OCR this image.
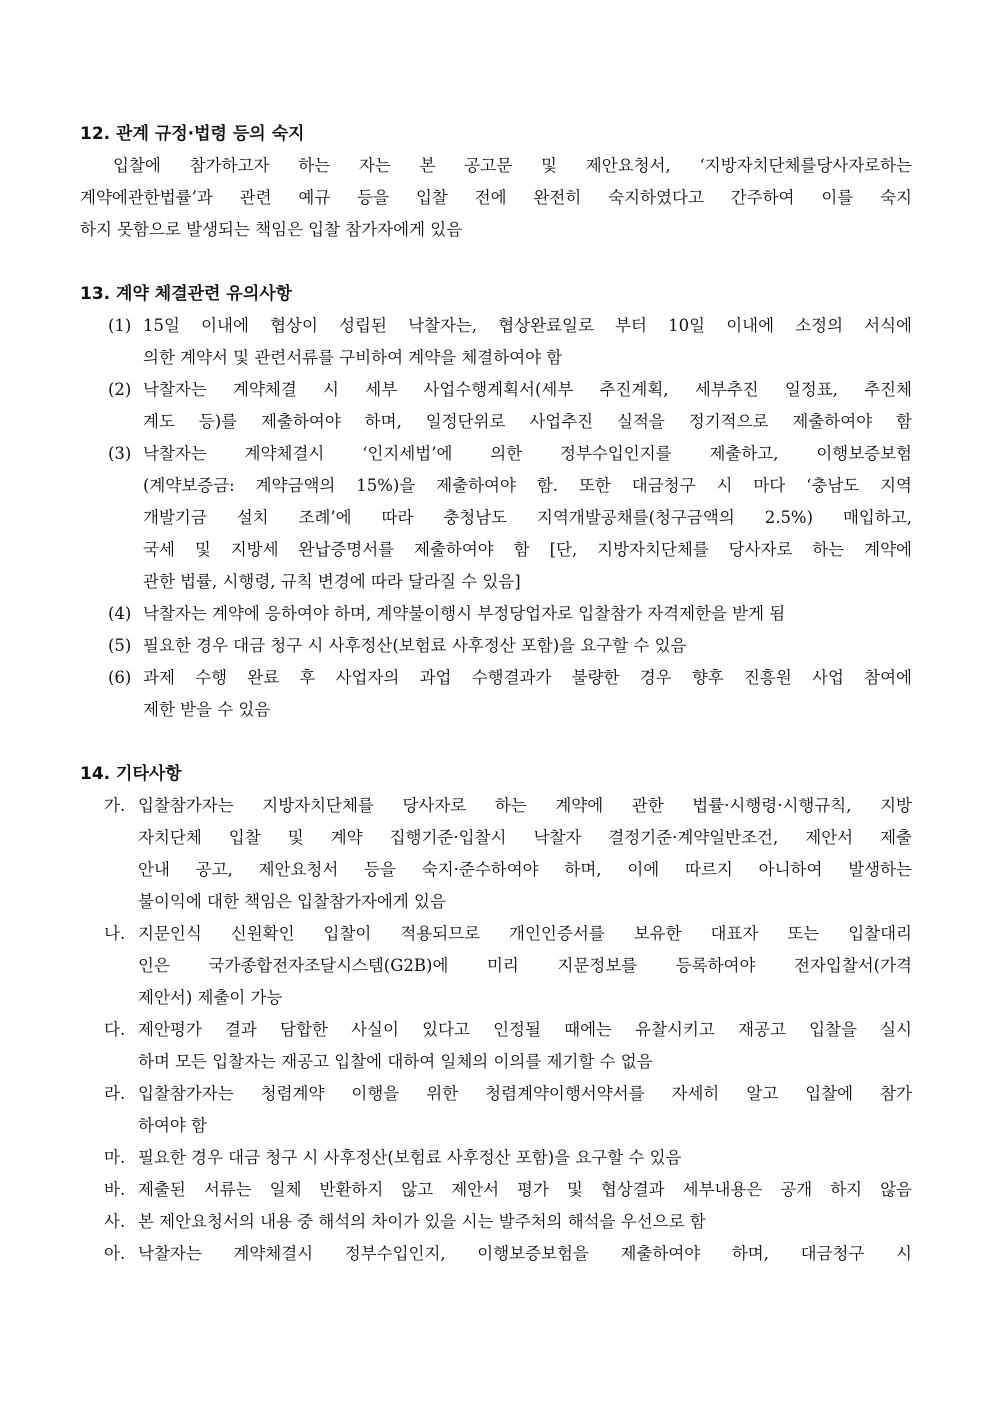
12. 관계 규정·법령 등의 숙지

입찰에 참가하고자 하는 자는 본 공고문 및 제안요청서, ‘지방자치단체를당사자로하는
계약에관한법률’과 관련 예규 등을 입찰 전에 완전히 숙지하였다고 간주하여 이를 숙지
하지 못함으로 발생되는 책임은 입찰 참가자에게 있음

13. 계약 체결관련 유의사항
(1) 15일 이내에 협상이 성립된 낙찰자는, 협상완료일로 부터 10일 이내에 소정의 서식에
의한 계약서 및 관련서류를 구비하여 계약을 체결하여야 함
(2) 낙찰자는 계약체결 시 세부 사업수행계획서(세부 추진계획, 세부추진 일정표, 추진체
계도 등)를 제출하여야 하며, 일정단위로 사업추진 실적을 정기적으로 제출하여야 함
(3) 낙찰자는 계약체결시 ‘인지세법’에 의한 정부수입인지를 제출하고, 이행보증보험
(계약보증금: 계약금액의 15%)을 제출하여야 함. 또한 대금청구 시 마다 ‘충남도 지역
개발기금 설치 조례’에 따라 충청남도 지역개발공채를(청구금액의 2.5%) 매입하고,
국세 및 지방세 완납증명서를 제출하여야 함 [단, 지방자치단체를 당사자로 하는 계약에
관한 법률, 시행령, 규칙 변경에 따라 달라질 수 있음]
(4) 낙찰자는 계약에 응하여야 하며, 계약불이행시 부정당업자로 입찰참가 자격제한을 받게 됨
(5) 필요한 경우 대금 청구 시 사후정산(보험료 사후정산 포함)을 요구할 수 있음
(6) 과제 수행 완료 후 사업자의 과업 수행결과가 불량한 경우 향후 진흥원 사업 참여에
제한 받을 수 있음
14. 기타사항
가. 입찰참가자는 지방자치단체를 당사자로 하는 계약에 관한 법률·시행령·시행규칙, 지방
자치단체 입찰 및 계약 집행기준·입찰시 낙찰자 결정기준·계약일반조건, 제안서 제출
안내 공고, 제안요청서 등을 숙지·준수하여야 하며, 이에 따르지 아니하여 발생하는
불이익에 대한 책임은 입찰참가자에게 있음
나. 지문인식 신원확인 입찰이 적용되므로 개인인증서를 보유한 대표자 또는 입찰대리
인은 국가종합전자조달시스템(G2B)에 미리 지문정보를 등록하여야 전자입찰서(가격
제안서) 제출이 가능
다. 제안평가 결과 담합한 사실이 있다고 인정될 때에는 유찰시키고 재공고 입찰을 실시
하며 모든 입찰자는 재공고 입찰에 대하여 일체의 이의를 제기할 수 없음
라. 입찰참가자는 청렴계약 이행을 위한 청렴계약이행서약서를 자세히 알고 입찰에 참가
하여야 함
마. 필요한 경우 대금 청구 시 사후정산(보험료 사후정산 포함)을 요구할 수 있음
바. 제출된 서류는 일체 반환하지 않고 제안서 평가 및 협상결과 세부내용은 공개 하지 않음
사. 본 제안요청서의 내용 중 해석의 차이가 있을 시는 발주처의 해석을 우선으로 함
아. 낙찰자는 계약체결시 정부수입인지, 이행보증보험을 제출하여야 하며, 대금청구 시
